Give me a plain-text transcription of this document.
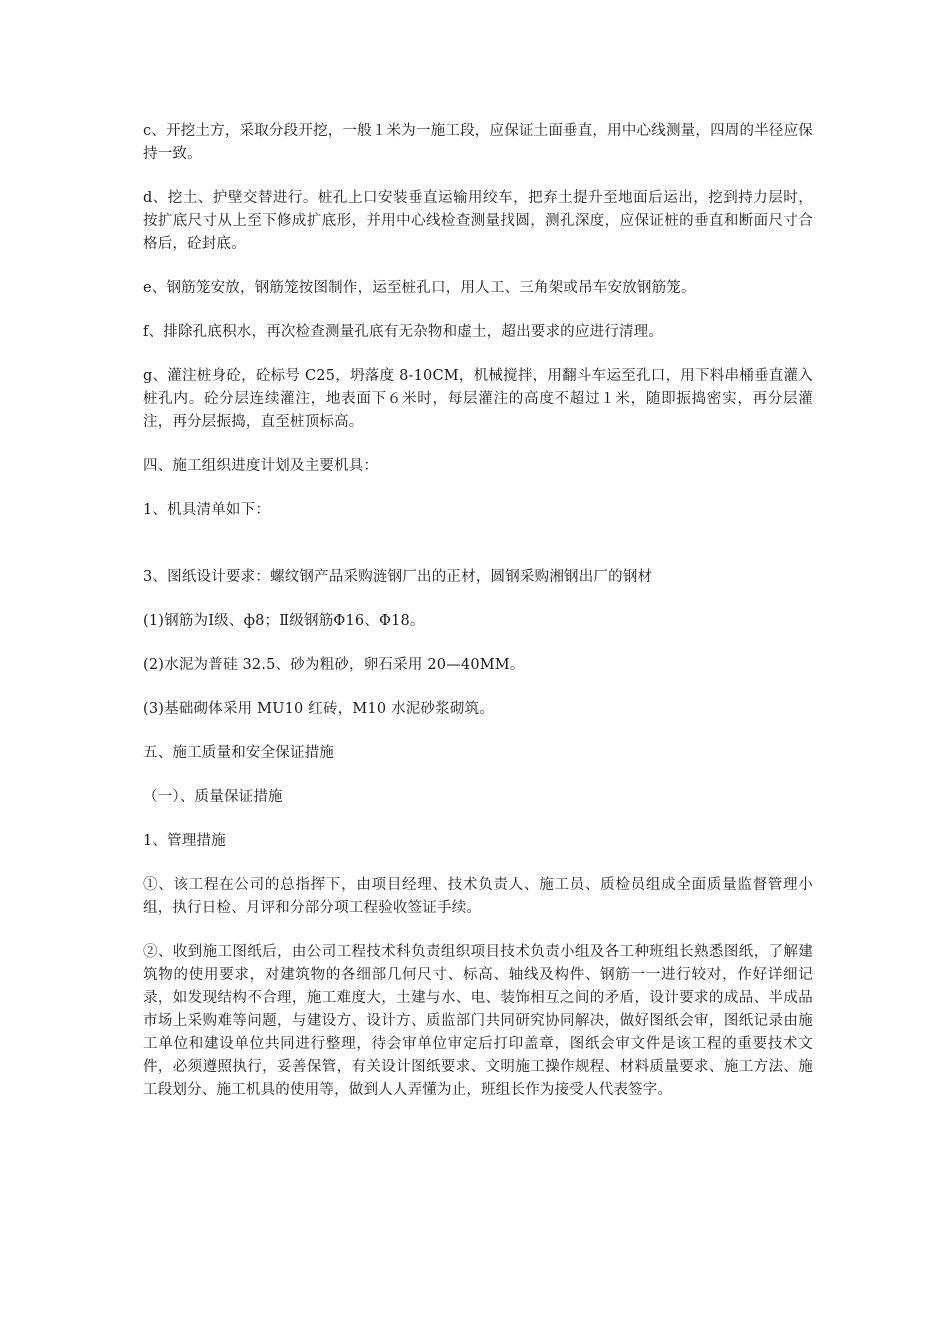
c、开挖土方，采取分段开挖，一般１米为一施工段，应保证土面垂直，用中心线测量，四周的半径应保持一致。

d、挖土、护壁交替进行。桩孔上口安装垂直运输用绞车，把弃土提升至地面后运出，挖到持力层时，按扩底尺寸从上至下修成扩底形，并用中心线检查测量找圆，测孔深度，应保证桩的垂直和断面尺寸合格后，砼封底。

e、钢筋笼安放，钢筋笼按图制作，运至桩孔口，用人工、三角架或吊车安放钢筋笼。

f、排除孔底积水，再次检查测量孔底有无杂物和虚土，超出要求的应进行清理。

g、灌注桩身砼，砼标号 C25，坍落度 8-10CM，机械搅拌，用翻斗车运至孔口，用下料串桶垂直灌入桩孔内。砼分层连续灌注，地表面下６米时，每层灌注的高度不超过１米，随即振捣密实，再分层灌注，再分层振捣，直至桩顶标高。

四、施工组织进度计划及主要机具：

1、机具清单如下：

3、图纸设计要求：螺纹钢产品采购涟钢厂出的正材，圆钢采购湘钢出厂的钢材

(1)钢筋为Ⅰ级、ф8；Ⅱ级钢筋Φ16、Φ18。

(2)水泥为普硅 32.5、砂为粗砂，卵石采用 20—40MM。

(3)基础砌体采用 MU10 红砖，M10 水泥砂浆砌筑。

五、施工质量和安全保证措施

（一）、质量保证措施

1、管理措施

①、该工程在公司的总指挥下，由项目经理、技术负责人、施工员、质检员组成全面质量监督管理小组，执行日检、月评和分部分项工程验收签证手续。

②、收到施工图纸后，由公司工程技术科负责组织项目技术负责小组及各工种班组长熟悉图纸，了解建筑物的使用要求，对建筑物的各细部几何尺寸、标高、轴线及构件、钢筋一一进行较对，作好详细记录，如发现结构不合理，施工难度大，土建与水、电、装饰相互之间的矛盾，设计要求的成品、半成品市场上采购难等问题，与建设方、设计方、质监部门共同研究协同解决，做好图纸会审，图纸记录由施工单位和建设单位共同进行整理，待会审单位审定后打印盖章，图纸会审文件是该工程的重要技术文件，必须遵照执行，妥善保管，有关设计图纸要求、文明施工操作规程、材料质量要求、施工方法、施工段划分、施工机具的使用等，做到人人弄懂为止，班组长作为接受人代表签字。
